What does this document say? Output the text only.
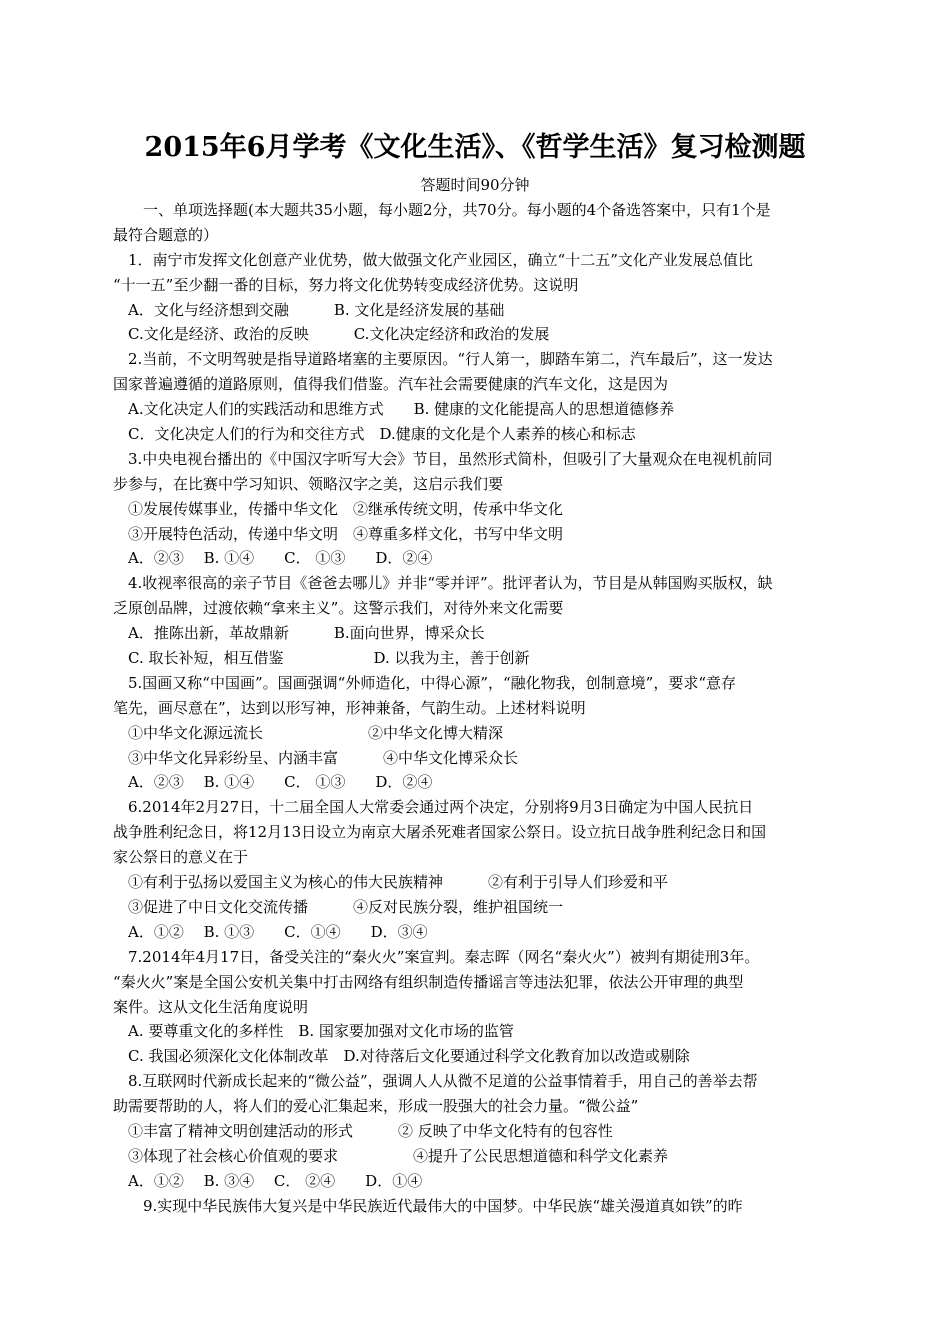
2015年6月学考《文化生活》、《哲学生活》复习检测题
答题时间90分钟
一、单项选择题(本大题共35小题，每小题2分，共70分。每小题的4个备选答案中，只有1个是
最符合题意的）
1．南宁市发挥文化创意产业优势，做大做强文化产业园区，确立“十二五”文化产业发展总值比
“十一五”至少翻一番的目标，努力将文化优势转变成经济优势。这说明
A．文化与经济想到交融　　　B. 文化是经济发展的基础
C.文化是经济、政治的反映　　　C.文化决定经济和政治的发展
2.当前，不文明驾驶是指导道路堵塞的主要原因。“行人第一，脚踏车第二，汽车最后”，这一发达
国家普遍遵循的道路原则，值得我们借鉴。汽车社会需要健康的汽车文化，这是因为
A.文化决定人们的实践活动和思维方式　　B. 健康的文化能提高人的思想道德修养
C．文化决定人们的行为和交往方式　D.健康的文化是个人素养的核心和标志
3.中央电视台播出的《中国汉字听写大会》节目，虽然形式简朴，但吸引了大量观众在电视机前同
步参与，在比赛中学习知识、领略汉字之美，这启示我们要
①发展传媒事业，传播中华文化　②继承传统文明，传承中华文化
③开展特色活动，传递中华文明　④尊重多样文化，书写中华文明
A．②③　 B. ①④　　C． ①③　　D．②④
4.收视率很高的亲子节目《爸爸去哪儿》并非“零并评”。批评者认为，节目是从韩国购买版权，缺
乏原创品牌，过渡依赖“拿来主义”。这警示我们，对待外来文化需要
A．推陈出新，革故鼎新　　　B.面向世界，博采众长
C. 取长补短，相互借鉴　　　　　　D. 以我为主，善于创新
5.国画又称“中国画”。国画强调“外师造化，中得心源”，“融化物我，创制意境”，要求“意存
笔先，画尽意在”，达到以形写神，形神兼备，气韵生动。上述材料说明
①中华文化源远流长　　　　　　　②中华文化博大精深
③中华文化异彩纷呈、内涵丰富　　　④中华文化博采众长
A．②③　 B. ①④　　C． ①③　　D．②④
6.2014年2月27日，十二届全国人大常委会通过两个决定，分别将9月3日确定为中国人民抗日
战争胜利纪念日，将12月13日设立为南京大屠杀死难者国家公祭日。设立抗日战争胜利纪念日和国
家公祭日的意义在于
①有利于弘扬以爱国主义为核心的伟大民族精神　　　②有利于引导人们珍爱和平
③促进了中日文化交流传播　　　④反对民族分裂，维护祖国统一
A．①②　 B. ①③　　C．①④　　D．③④
7.2014年4月17日，备受关注的“秦火火”案宣判。秦志晖（网名“秦火火”）被判有期徒刑3年。
“秦火火”案是全国公安机关集中打击网络有组织制造传播谣言等违法犯罪，依法公开审理的典型
案件。这从文化生活角度说明
A. 要尊重文化的多样性　B. 国家要加强对文化市场的监管
C. 我国必须深化文化体制改革　D.对待落后文化要通过科学文化教育加以改造或剔除
8.互联网时代新成长起来的“微公益”，强调人人从微不足道的公益事情着手，用自己的善举去帮
助需要帮助的人，将人们的爱心汇集起来，形成一股强大的社会力量。“微公益”
①丰富了精神文明创建活动的形式　　　② 反映了中华文化特有的包容性
③体现了社会核心价值观的要求　　　　　④提升了公民思想道德和科学文化素养
A．①②　 B. ③④　 C． ②④　　D．①④
9.实现中华民族伟大复兴是中华民族近代最伟大的中国梦。中华民族“雄关漫道真如铁”的昨
